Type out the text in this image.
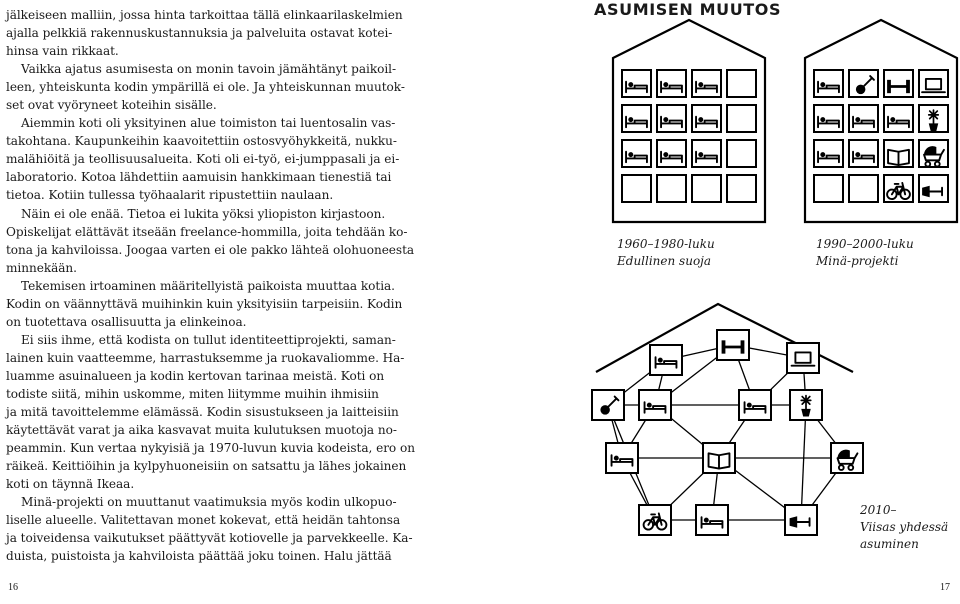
jälkeiseen malliin, jossa hinta tarkoittaa tällä elinkaarilaskelmien
ajalla pelkkiä rakennuskustannuksia ja palveluita ostavat kotei-
hinsa vain rikkaat.
Vaikka ajatus asumisesta on monin tavoin jämähtänyt paikoil-
leen, yhteiskunta kodin ympärillä ei ole. Ja yhteiskunnan muutok-
set ovat vyöryneet koteihin sisälle.
Aiemmin koti oli yksityinen alue toimiston tai luentosalin vas-
takohtana. Kaupunkeihin kaavoitettiin ostosvyöhykkeitä, nukku-
malähiöitä ja teollisuusalueita. Koti oli ei-työ, ei-jumppasali ja ei-
laboratorio. Kotoa lähdettiin aamuisin hankkimaan tienestiä tai
tietoa. Kotiin tullessa työhaalarit ripustettiin naulaan.
Näin ei ole enää. Tietoa ei lukita yöksi yliopiston kirjastoon.
Opiskelijat elättävät itseään freelance-hommilla, joita tehdään ko-
tona ja kahviloissa. Joogaa varten ei ole pakko lähteä olohuoneesta
minnekään.
Tekemisen irtoaminen määritellyistä paikoista muuttaa kotia.
Kodin on väännyttävä muihinkin kuin yksityisiin tarpeisiin. Kodin
on tuotettava osallisuutta ja elinkeinoa.
Ei siis ihme, että kodista on tullut identiteettiprojekti, saman-
lainen kuin vaatteemme, harrastuksemme ja ruokavaliomme. Ha-
luamme asuinalueen ja kodin kertovan tarinaa meistä. Koti on
todiste siitä, mihin uskomme, miten liitymme muihin ihmisiin
ja mitä tavoittelemme elämässä. Kodin sisustukseen ja laitteisiin
käytettävät varat ja aika kasvavat muita kulutuksen muotoja no-
peammin. Kun vertaa nykyisiä ja 1970-luvun kuvia kodeista, ero on
räikeä. Keittiöihin ja kylpyhuoneisiin on satsattu ja lähes jokainen
koti on täynnä Ikeaa.
Minä-projekti on muuttanut vaatimuksia myös kodin ulkopuo-
liselle alueelle. Valitettavan monet kokevat, että heidän tahtonsa
ja toiveidensa vaikutukset päättyvät kotiovelle ja parvekkeelle. Ka-
duista, puistoista ja kahviloista päättää joku toinen. Halu jättää
ASUMISEN MUUTOS
1960–1980-luku
Edullinen suoja
1990–2000-luku
Minä-projekti
2010–
Viisas yhdessä
asuminen
16	17
